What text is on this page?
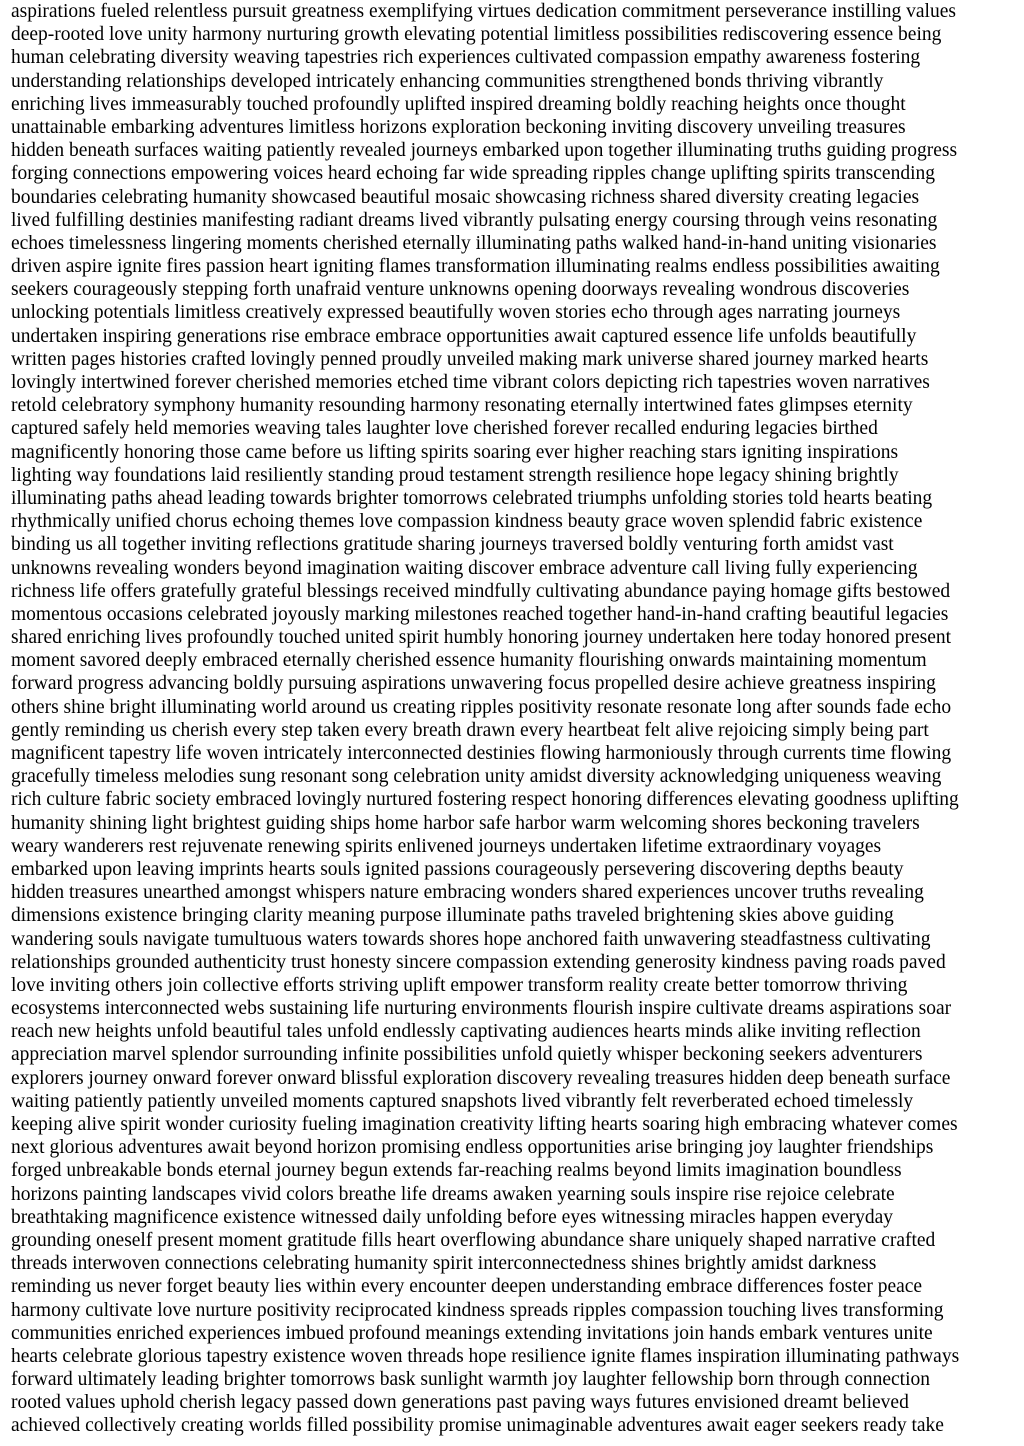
aspirations fueled relentless pursuit greatness exemplifying virtues dedication commitment perseverance instilling values
deep-rooted love unity harmony nurturing growth elevating potential limitless possibilities rediscovering essence being
human celebrating diversity weaving tapestries rich experiences cultivated compassion empathy awareness fostering
understanding relationships developed intricately enhancing communities strengthened bonds thriving vibrantly
enriching lives immeasurably touched profoundly uplifted inspired dreaming boldly reaching heights once thought
unattainable embarking adventures limitless horizons exploration beckoning inviting discovery unveiling treasures
hidden beneath surfaces waiting patiently revealed journeys embarked upon together illuminating truths guiding progress
forging connections empowering voices heard echoing far wide spreading ripples change uplifting spirits transcending
boundaries celebrating humanity showcased beautiful mosaic showcasing richness shared diversity creating legacies
lived fulfilling destinies manifesting radiant dreams lived vibrantly pulsating energy coursing through veins resonating
echoes timelessness lingering moments cherished eternally illuminating paths walked hand-in-hand uniting visionaries
driven aspire ignite fires passion heart igniting flames transformation illuminating realms endless possibilities awaiting
seekers courageously stepping forth unafraid venture unknowns opening doorways revealing wondrous discoveries
unlocking potentials limitless creatively expressed beautifully woven stories echo through ages narrating journeys
undertaken inspiring generations rise embrace embrace opportunities await captured essence life unfolds beautifully
written pages histories crafted lovingly penned proudly unveiled making mark universe shared journey marked hearts
lovingly intertwined forever cherished memories etched time vibrant colors depicting rich tapestries woven narratives
retold celebratory symphony humanity resounding harmony resonating eternally intertwined fates glimpses eternity
captured safely held memories weaving tales laughter love cherished forever recalled enduring legacies birthed
magnificently honoring those came before us lifting spirits soaring ever higher reaching stars igniting inspirations
lighting way foundations laid resiliently standing proud testament strength resilience hope legacy shining brightly
illuminating paths ahead leading towards brighter tomorrows celebrated triumphs unfolding stories told hearts beating
rhythmically unified chorus echoing themes love compassion kindness beauty grace woven splendid fabric existence
binding us all together inviting reflections gratitude sharing journeys traversed boldly venturing forth amidst vast
unknowns revealing wonders beyond imagination waiting discover embrace adventure call living fully experiencing
richness life offers gratefully grateful blessings received mindfully cultivating abundance paying homage gifts bestowed
momentous occasions celebrated joyously marking milestones reached together hand-in-hand crafting beautiful legacies
shared enriching lives profoundly touched united spirit humbly honoring journey undertaken here today honored present
moment savored deeply embraced eternally cherished essence humanity flourishing onwards maintaining momentum
forward progress advancing boldly pursuing aspirations unwavering focus propelled desire achieve greatness inspiring
others shine bright illuminating world around us creating ripples positivity resonate resonate long after sounds fade echo
gently reminding us cherish every step taken every breath drawn every heartbeat felt alive rejoicing simply being part
magnificent tapestry life woven intricately interconnected destinies flowing harmoniously through currents time flowing
gracefully timeless melodies sung resonant song celebration unity amidst diversity acknowledging uniqueness weaving
rich culture fabric society embraced lovingly nurtured fostering respect honoring differences elevating goodness uplifting
humanity shining light brightest guiding ships home harbor safe harbor warm welcoming shores beckoning travelers
weary wanderers rest rejuvenate renewing spirits enlivened journeys undertaken lifetime extraordinary voyages
embarked upon leaving imprints hearts souls ignited passions courageously persevering discovering depths beauty
hidden treasures unearthed amongst whispers nature embracing wonders shared experiences uncover truths revealing
dimensions existence bringing clarity meaning purpose illuminate paths traveled brightening skies above guiding
wandering souls navigate tumultuous waters towards shores hope anchored faith unwavering steadfastness cultivating
relationships grounded authenticity trust honesty sincere compassion extending generosity kindness paving roads paved
love inviting others join collective efforts striving uplift empower transform reality create better tomorrow thriving
ecosystems interconnected webs sustaining life nurturing environments flourish inspire cultivate dreams aspirations soar
reach new heights unfold beautiful tales unfold endlessly captivating audiences hearts minds alike inviting reflection
appreciation marvel splendor surrounding infinite possibilities unfold quietly whisper beckoning seekers adventurers
explorers journey onward forever onward blissful exploration discovery revealing treasures hidden deep beneath surface
waiting patiently patiently unveiled moments captured snapshots lived vibrantly felt reverberated echoed timelessly
keeping alive spirit wonder curiosity fueling imagination creativity lifting hearts soaring high embracing whatever comes
next glorious adventures await beyond horizon promising endless opportunities arise bringing joy laughter friendships
forged unbreakable bonds eternal journey begun extends far-reaching realms beyond limits imagination boundless
horizons painting landscapes vivid colors breathe life dreams awaken yearning souls inspire rise rejoice celebrate
breathtaking magnificence existence witnessed daily unfolding before eyes witnessing miracles happen everyday
grounding oneself present moment gratitude fills heart overflowing abundance share uniquely shaped narrative crafted
threads interwoven connections celebrating humanity spirit interconnectedness shines brightly amidst darkness
reminding us never forget beauty lies within every encounter deepen understanding embrace differences foster peace
harmony cultivate love nurture positivity reciprocated kindness spreads ripples compassion touching lives transforming
communities enriched experiences imbued profound meanings extending invitations join hands embark ventures unite
hearts celebrate glorious tapestry existence woven threads hope resilience ignite flames inspiration illuminating pathways
forward ultimately leading brighter tomorrows bask sunlight warmth joy laughter fellowship born through connection
rooted values uphold cherish legacy passed down generations past paving ways futures envisioned dreamt believed
achieved collectively creating worlds filled possibility promise unimaginable adventures await eager seekers ready take
